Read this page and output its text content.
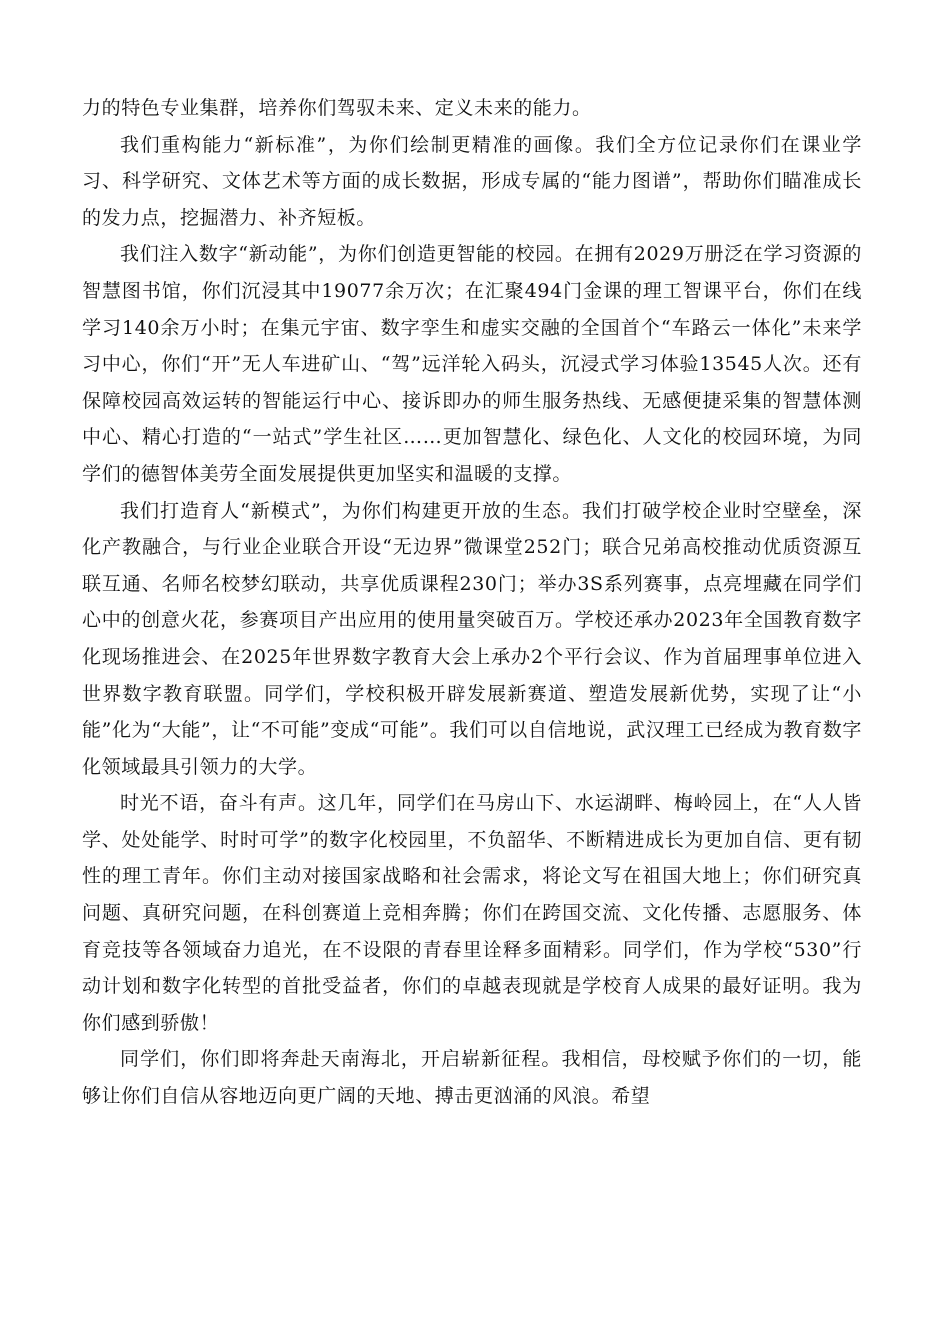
力的特色专业集群，培养你们驾驭未来、定义未来的能力。

我们重构能力“新标准”，为你们绘制更精准的画像。我们全方位记录你们在课业学习、科学研究、文体艺术等方面的成长数据，形成专属的“能力图谱”，帮助你们瞄准成长的发力点，挖掘潜力、补齐短板。

我们注入数字“新动能”，为你们创造更智能的校园。在拥有2029万册泛在学习资源的智慧图书馆，你们沉浸其中19077余万次；在汇聚494门金课的理工智课平台，你们在线学习140余万小时；在集元宇宙、数字孪生和虚实交融的全国首个“车路云一体化”未来学习中心，你们“开”无人车进矿山、“驾”远洋轮入码头，沉浸式学习体验13545人次。还有保障校园高效运转的智能运行中心、接诉即办的师生服务热线、无感便捷采集的智慧体测中心、精心打造的“一站式”学生社区……更加智慧化、绿色化、人文化的校园环境，为同学们的德智体美劳全面发展提供更加坚实和温暖的支撑。

我们打造育人“新模式”，为你们构建更开放的生态。我们打破学校企业时空壁垒，深化产教融合，与行业企业联合开设“无边界”微课堂252门；联合兄弟高校推动优质资源互联互通、名师名校梦幻联动，共享优质课程230门；举办3S系列赛事，点亮埋藏在同学们心中的创意火花，参赛项目产出应用的使用量突破百万。学校还承办2023年全国教育数字化现场推进会、在2025年世界数字教育大会上承办2个平行会议、作为首届理事单位进入世界数字教育联盟。同学们，学校积极开辟发展新赛道、塑造发展新优势，实现了让“小能”化为“大能”，让“不可能”变成“可能”。我们可以自信地说，武汉理工已经成为教育数字化领域最具引领力的大学。

时光不语，奋斗有声。这几年，同学们在马房山下、水运湖畔、梅岭园上，在“人人皆学、处处能学、时时可学”的数字化校园里，不负韶华、不断精进成长为更加自信、更有韧性的理工青年。你们主动对接国家战略和社会需求，将论文写在祖国大地上；你们研究真问题、真研究问题，在科创赛道上竞相奔腾；你们在跨国交流、文化传播、志愿服务、体育竞技等各领域奋力追光，在不设限的青春里诠释多面精彩。同学们，作为学校“530”行动计划和数字化转型的首批受益者，你们的卓越表现就是学校育人成果的最好证明。我为你们感到骄傲！

同学们，你们即将奔赴天南海北，开启崭新征程。我相信，母校赋予你们的一切，能够让你们自信从容地迈向更广阔的天地、搏击更汹涌的风浪。希望
